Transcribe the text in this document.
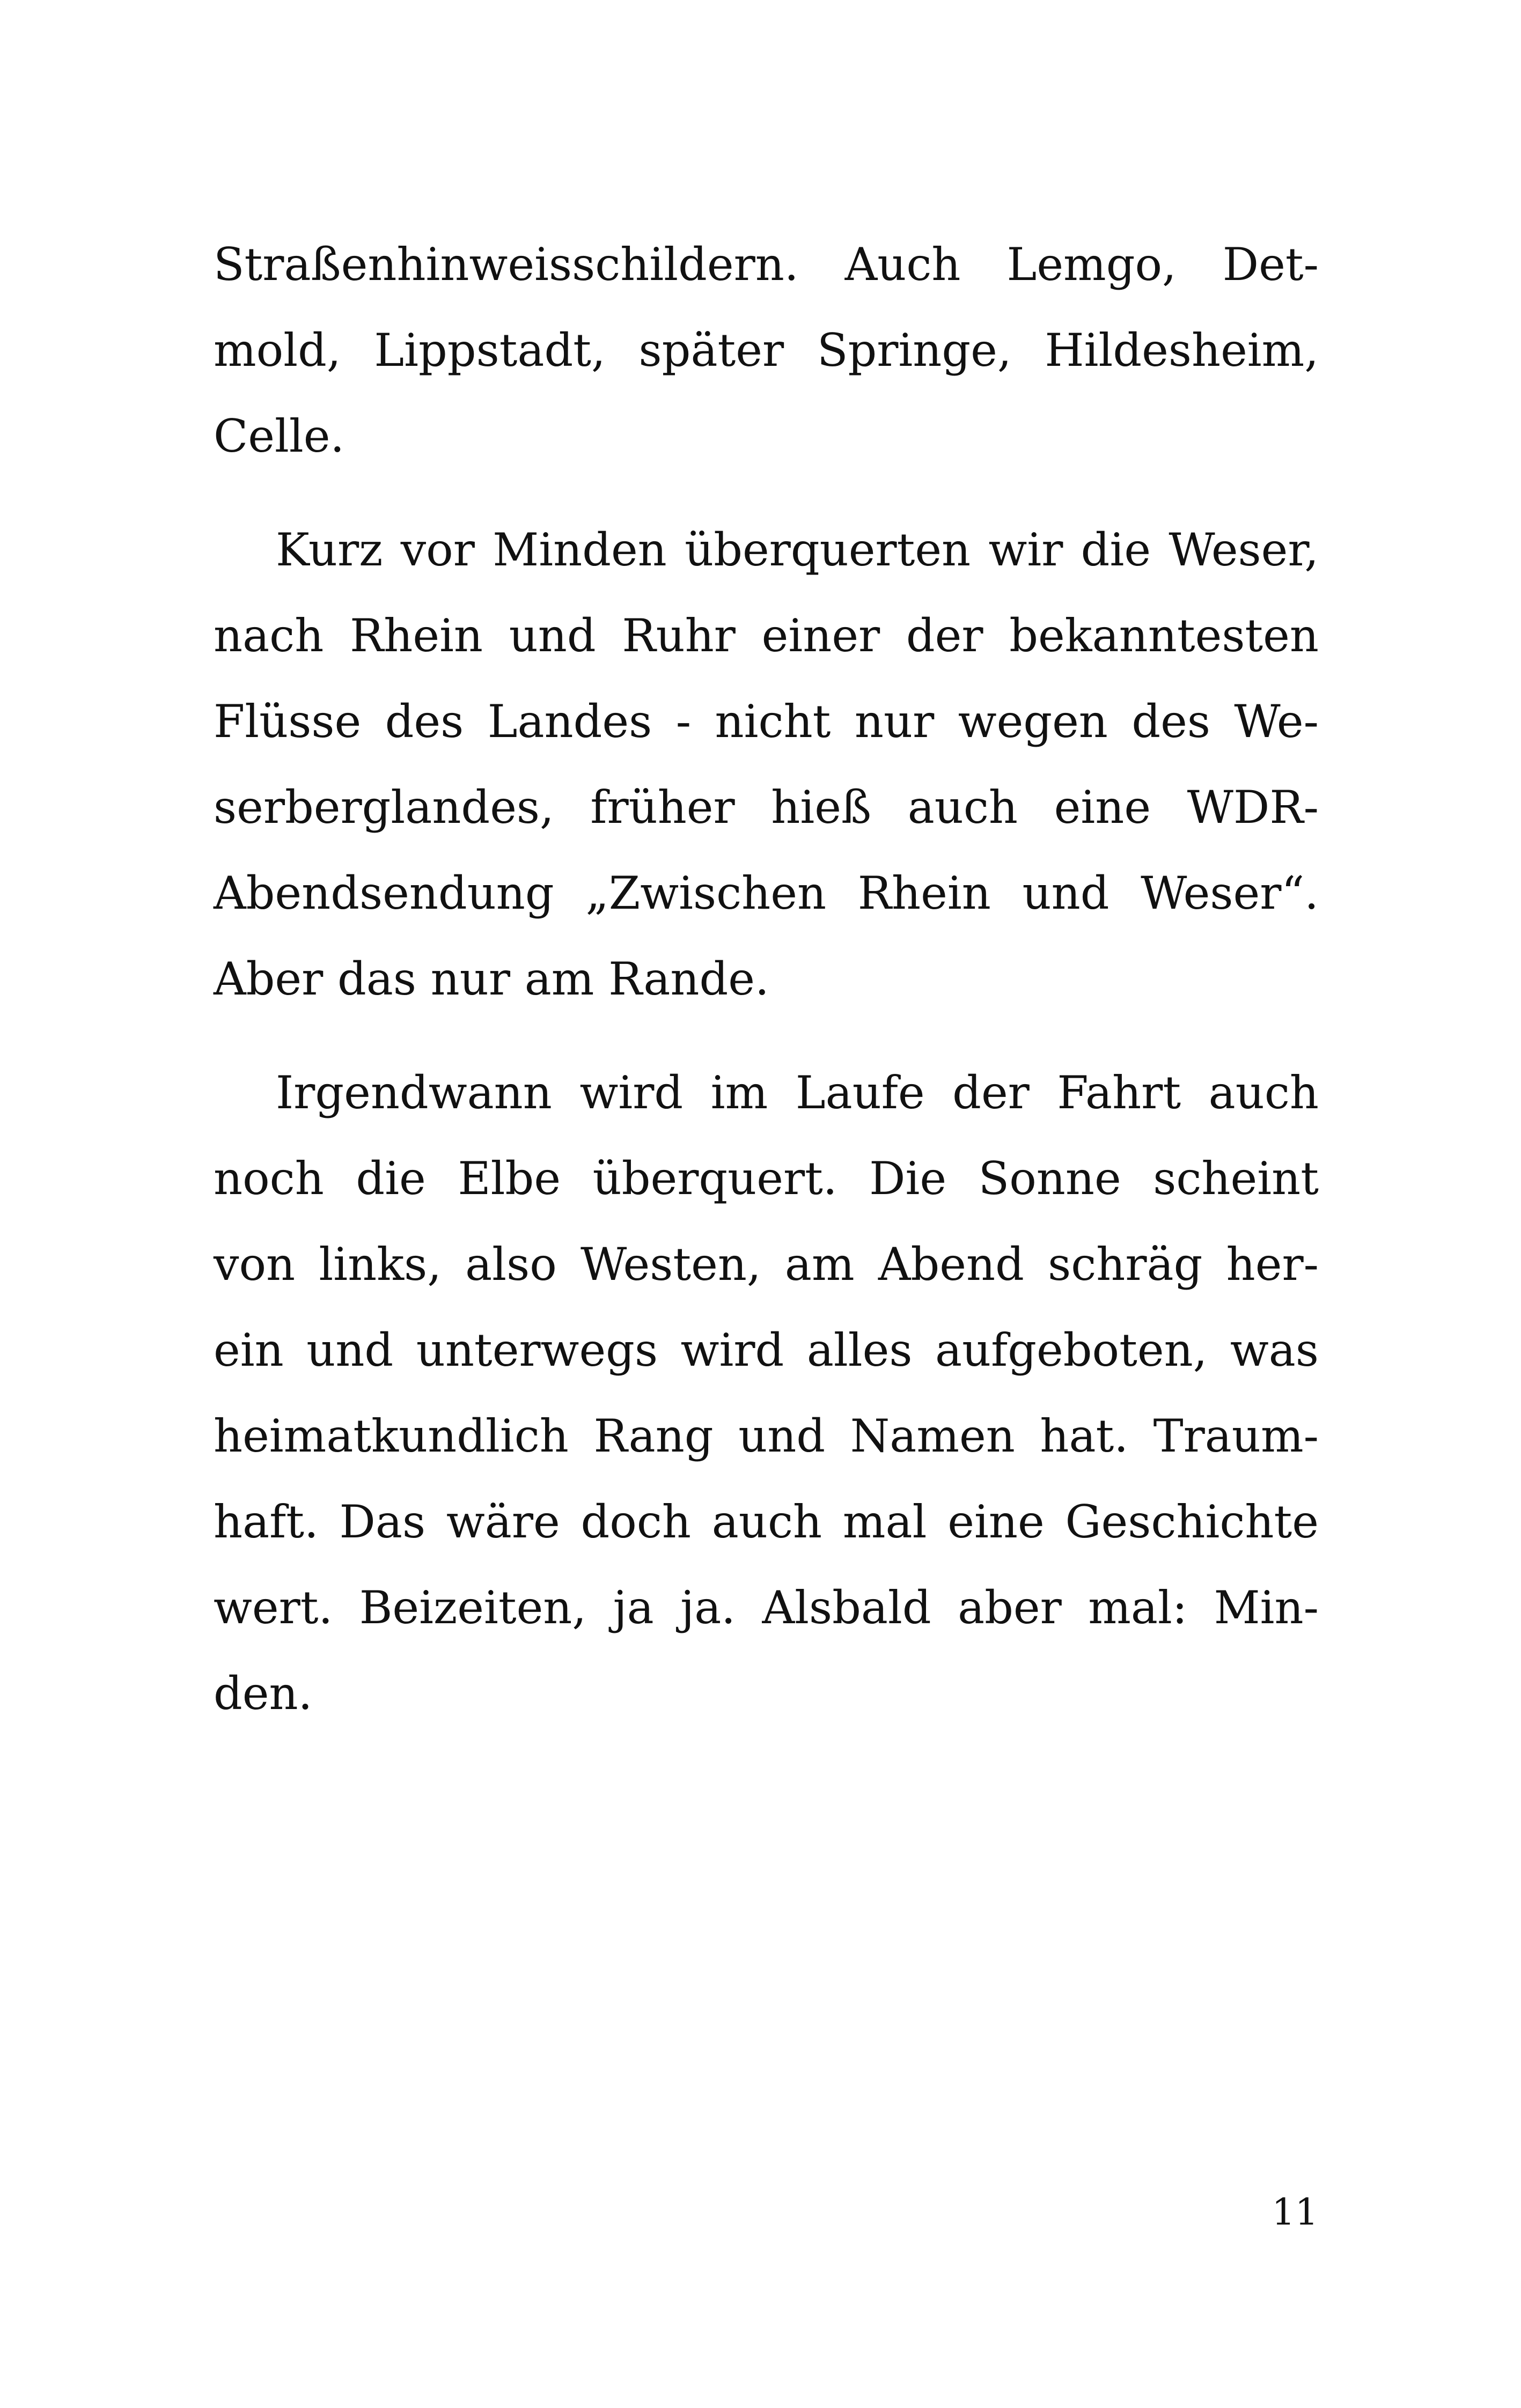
Straßenhinweisschildern. Auch Lemgo, Det-
mold, Lippstadt, später Springe, Hildesheim,
Celle.

Kurz vor Minden überquerten wir die Weser,
nach Rhein und Ruhr einer der bekanntesten
Flüsse des Landes - nicht nur wegen des We-
serberglandes, früher hieß auch eine WDR-
Abendsendung „Zwischen Rhein und Weser“.
Aber das nur am Rande.

Irgendwann wird im Laufe der Fahrt auch
noch die Elbe überquert. Die Sonne scheint
von links, also Westen, am Abend schräg her-
ein und unterwegs wird alles aufgeboten, was
heimatkundlich Rang und Namen hat. Traum-
haft. Das wäre doch auch mal eine Geschichte
wert. Beizeiten, ja ja. Alsbald aber mal: Min-
den.

11
